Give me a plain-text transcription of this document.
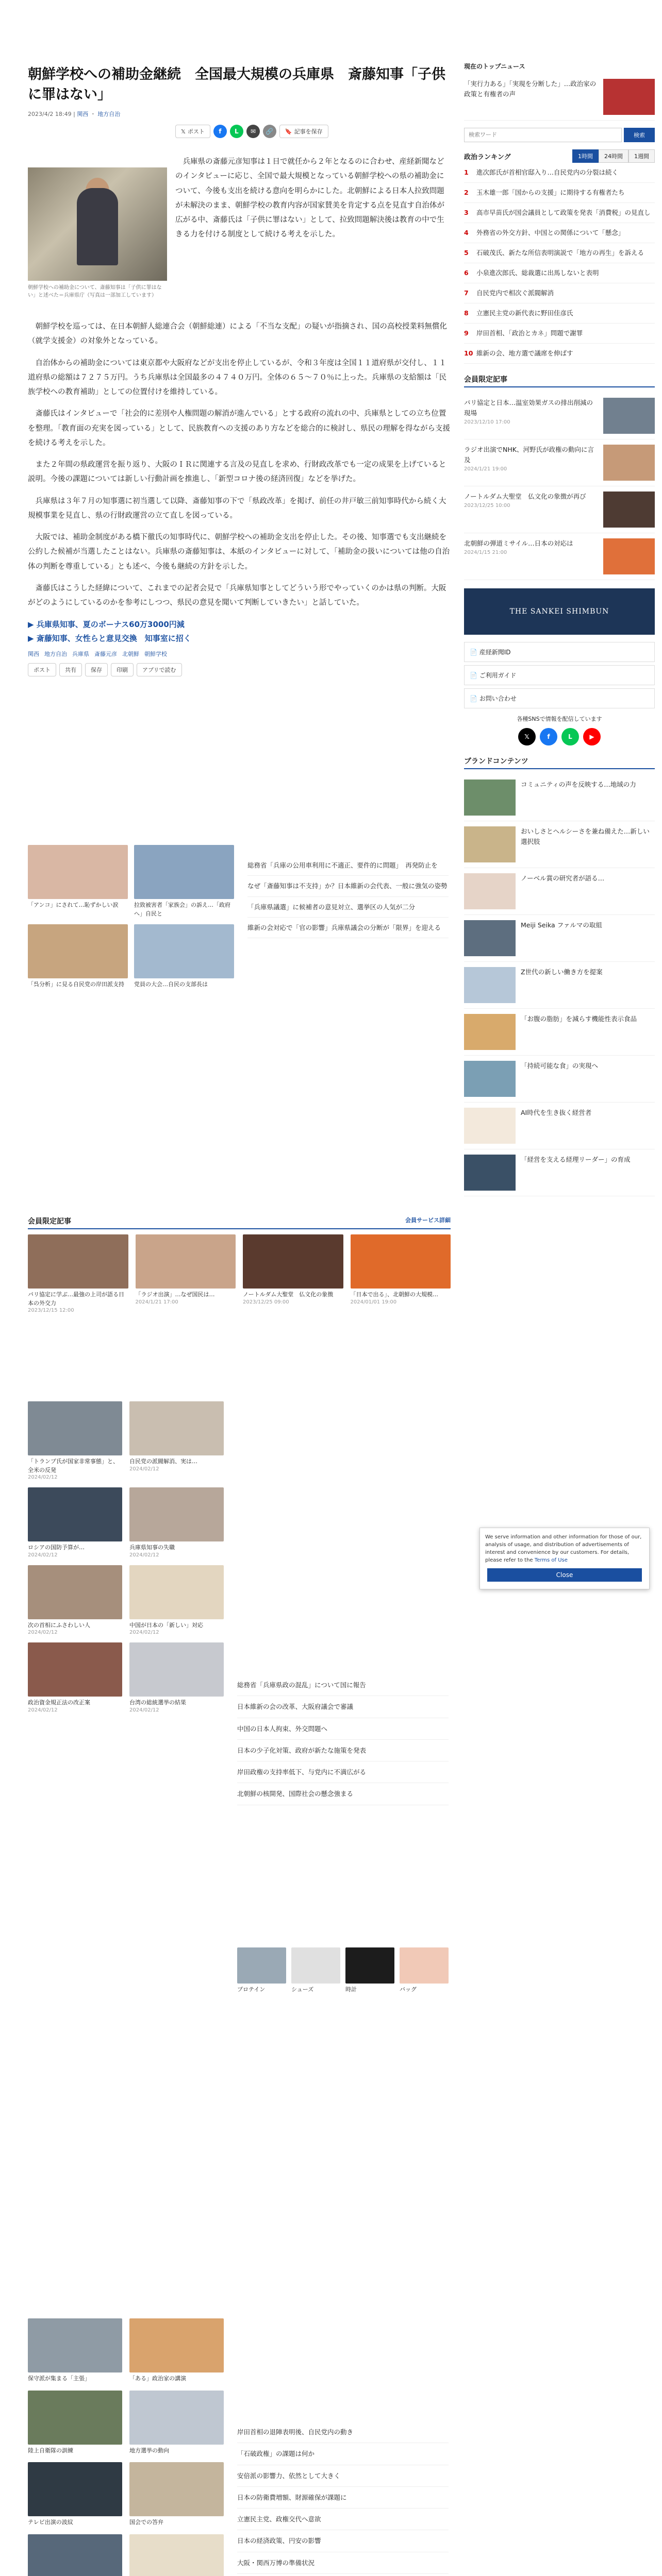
朝鮮学校への補助金継続　全国最大規模の兵庫県　斎藤知事「子供に罪はない」
2023/4/2 18:49 | 関西 ・ 地方自治
朝鮮学校への補助金について、斎藤知事は「子供に罪はない」と述べた＝兵庫県庁（写真は一部加工しています）
𝕏 ポスト	f	L	✉	🔗	🔖 記事を保存

兵庫県の斎藤元彦知事は１日で就任から２年となるのに合わせ、産経新聞などのインタビューに応じ、全国で最大規模となっている朝鮮学校への県の補助金について、今後も支出を続ける意向を明らかにした。北朝鮮による日本人拉致問題が未解決のまま、朝鮮学校の教育内容が国家賛美を肯定する点を見直す自治体が広がる中、斎藤氏は「子供に罪はない」として、拉致問題解決後は教育の中で生きる力を付ける制度として続ける考えを示した。

朝鮮学校を巡っては、在日本朝鮮人総連合会（朝鮮総連）による「不当な支配」の疑いが指摘され、国の高校授業料無償化（就学支援金）の対象外となっている。

自治体からの補助金については東京都や大阪府などが支出を停止しているが、令和３年度は全国１１道府県が交付し、１１道府県の総額は７２７５万円。うち兵庫県は全国最多の４７４０万円。全体の６５～７０％に上った。兵庫県の支給額は「民族学校への教育補助」としての位置付けを維持している。

斎藤氏はインタビューで「社会的に差別や人権問題の解消が進んでいる」とする政府の流れの中、兵庫県としての立ち位置を整理。「教育面の充実を図っている」として、民族教育への支援のあり方などを総合的に検討し、県民の理解を得ながら支援を続ける考えを示した。

また２年間の県政運営を振り返り、大阪のＩＲに関連する言及の見直しを求め、行財政改革でも一定の成果を上げていると説明。今後の課題については新しい行動計画を推進し、「新型コロナ後の経済回復」などを挙げた。

兵庫県は３年７月の知事選に初当選して以降、斎藤知事の下で「県政改革」を掲げ、前任の井戸敏三前知事時代から続く大規模事業を見直し、県の行財政運営の立て直しを図っている。

大阪では、補助金制度がある橋下徹氏の知事時代に、朝鮮学校への補助金支出を停止した。その後、知事選でも支出継続を公約した候補が当選したことはない。兵庫県の斎藤知事は、本紙のインタビューに対して、「補助金の扱いについては他の自治体の判断を尊重している」とも述べ、今後も継続の方針を示した。

斎藤氏はこうした経緯について、これまでの記者会見で「兵庫県知事としてどういう形でやっていくのかは県の判断。大阪がどのようにしているのかを参考にしつつ、県民の意見を聞いて判断していきたい」と話していた。

▶ 兵庫県知事、夏のボーナス60万3000円減
▶ 斎藤知事、女性らと意見交換　知事室に招く
関西 地方自治 兵庫県 斎藤元彦 北朝鮮 朝鮮学校
ポスト	共有	保存	印刷	アプリで読む
「アンコ」にされて…恥ずかしい涙	拉致被害者「家族会」の訴え…「政府へ」自民と
「呉分析」に見る自民党の岸田派支持	党員の大会…自民の支部長は
総務省「兵庫の公用車利用に不適正、要件的に問題」　再発防止を
なぜ「斎藤知事は不支持」か？日本維新の会代表、一般に強気の姿勢
「兵庫県議選」に候補者の意見対立、選挙区の人気が二分
維新の会対応で「官の影響」兵庫県議会の分断が「限界」を迎える
会員限定記事	会員サービス詳細
パリ協定に学ぶ…最強の上司が語る日本の外交力
2023/12/15 12:00
「ラジオ出演」…なぜ国民は…
2024/1/21 17:00
ノートルダム大聖堂　仏文化の象徴
2023/12/25 09:00
「日本で出る」、北朝鮮の大規模…
2024/01/01 19:00
「トランプ氏が国家非常事態」と、全米の反発
2024/02/12
自民党の派閥解消、実は…
2024/02/12
ロシアの国防予算が…
2024/02/12
兵庫県知事の失職
2024/02/12
次の首相にふさわしい人
2024/02/12
中国が日本の「新しい」対応
2024/02/12
政治資金規正法の改正案
2024/02/12
台湾の総統選挙の結果
2024/02/12
総務省「兵庫県政の混乱」について国に報告
日本維新の会の改革、大阪府議会で審議
中国の日本人拘束、外交問題へ
日本の少子化対策、政府が新たな施策を発表
岸田政権の支持率低下、与党内に不満広がる
北朝鮮の核開発、国際社会の懸念強まる
プロテイン	シューズ	時計	バッグ
保守派が集まる「主張」	「ある」政治家の講演
陸上自衛隊の訓練	地方選挙の動向
テレビ出演の波紋	国会での答弁
岸田首相の退陣表明後、自民党内の動き
「石破政権」の課題は何か
安倍派の影響力、依然として大きく
日本の防衛費増額、財源確保が課題に
立憲民主党、政権交代へ意欲
日本の経済政策、円安の影響
大阪・関西万博の準備状況
現在のトップニュース
「実行力ある」「実現を分断した」…政治家の政策と有権者の声
検索ワード
検索
政治ランキング	1時間 24時間 1週間
1	進次郎氏が首相官邸入り…自民党内の分裂は続く
2	玉木雄一郎「国からの支援」に期待する有権者たち
3	高市早苗氏が国会議員として政策を発表「消費税」の見直し
4	外務省の外交方針、中国との関係について「懸念」
5	石破茂氏、新たな所信表明演説で「地方の再生」を訴える
6	小泉進次郎氏、総裁選に出馬しないと表明
7	自民党内で相次ぐ派閥解消
8	立憲民主党の新代表に野田佳彦氏
9	岸田首相、「政治とカネ」問題で謝罪
10 維新の会、地方選で議席を伸ばす
会員限定記事
パリ協定と日本…温室効果ガスの排出削減の現場
2023/12/10 17:00
ラジオ出演でNHK、河野氏が政権の動向に言及
2024/1/21 19:00
ノートルダム大聖堂　仏文化の象徴が再び
2023/12/25 10:00
北朝鮮の弾道ミサイル…日本の対応は
2024/1/15 21:00
THE SANKEI SHIMBUN
📄 産経新聞ID
📄 ご利用ガイド
📄 お問い合わせ
各種SNSで情報を配信しています
𝕏	f	L	▶
ブランドコンテンツ
コミュニティの声を反映する…地域の力
おいしさとヘルシーさを兼ね備えた…新しい選択肢
ノーベル賞の研究者が語る…
Meiji Seika ファルマの取組
Z世代の新しい働き方を提案
「お腹の脂肪」を減らす機能性表示食品
「持続可能な食」の実現へ
AI時代を生き抜く経営者
「経営を支える経理リーダー」の育成
We serve information and other information for those of our, analysis of usage, and distribution of advertisements of interest and convenience by our customers. For details, please refer to the Terms of Use
Close
